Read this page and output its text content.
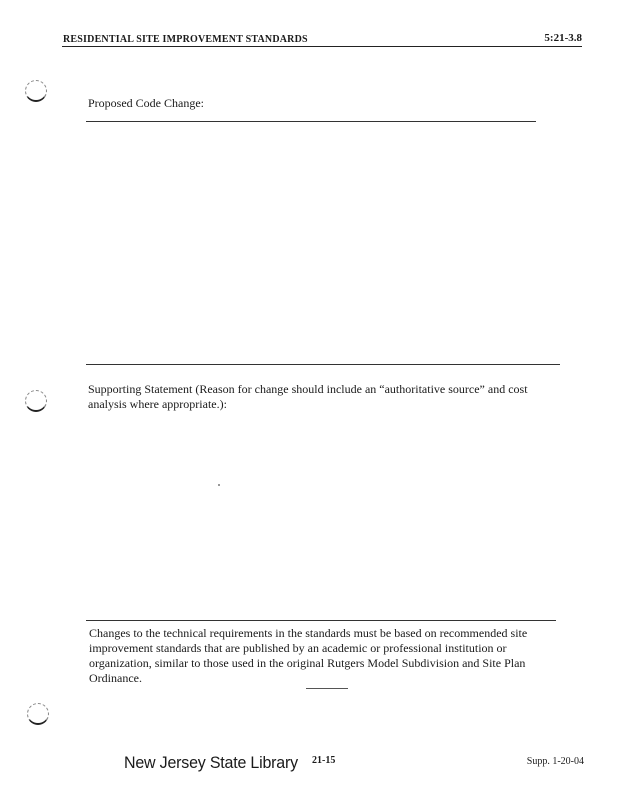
RESIDENTIAL SITE IMPROVEMENT STANDARDS	5:21-3.8
Proposed Code Change:
Supporting Statement (Reason for change should include an “authoritative source” and cost analysis where appropriate.):
Changes to the technical requirements in the standards must be based on recommended site improvement standards that are published by an academic or professional institution or organization, similar to those used in the original Rutgers Model Subdivision and Site Plan Ordinance.
New Jersey State Library 21-15	Supp. 1-20-04
